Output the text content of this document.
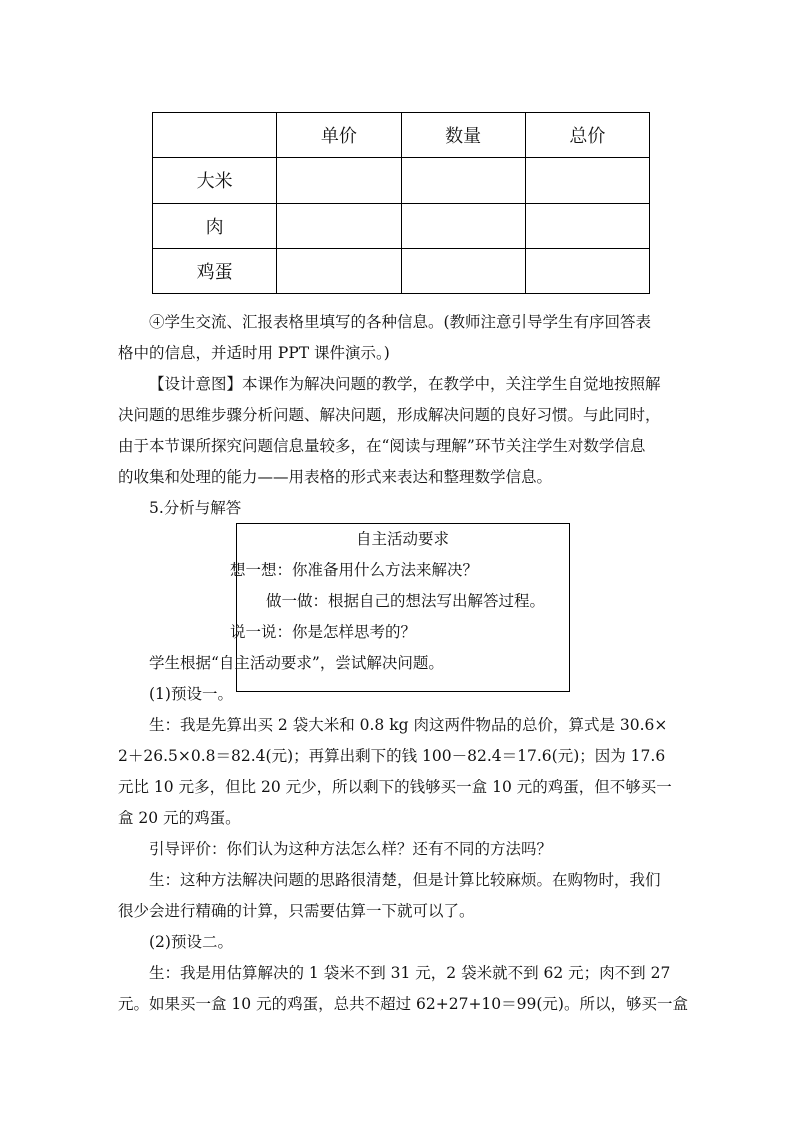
	单价	数量	总价
大米			
肉			
鸡蛋			

④学生交流、汇报表格里填写的各种信息。(教师注意引导学生有序回答表

格中的信息，并适时用 PPT 课件演示。)

【设计意图】本课作为解决问题的教学，在教学中，关注学生自觉地按照解

决问题的思维步骤分析问题、解决问题，形成解决问题的良好习惯。与此同时，

由于本节课所探究问题信息量较多，在“阅读与理解”环节关注学生对数学信息

的收集和处理的能力——用表格的形式来表达和整理数学信息。

5.分析与解答

自主活动要求
想一想：你准备用什么方法来解决？
做一做：根据自己的想法写出解答过程。
说一说：你是怎样思考的？

学生根据“自主活动要求”，尝试解决问题。

(1)预设一。

生：我是先算出买 2 袋大米和 0.8 kg 肉这两件物品的总价，算式是 30.6×

2＋26.5×0.8＝82.4(元)；再算出剩下的钱 100－82.4＝17.6(元)；因为 17.6

元比 10 元多，但比 20 元少，所以剩下的钱够买一盒 10 元的鸡蛋，但不够买一

盒 20 元的鸡蛋。

引导评价：你们认为这种方法怎么样？还有不同的方法吗？

生：这种方法解决问题的思路很清楚，但是计算比较麻烦。在购物时，我们

很少会进行精确的计算，只需要估算一下就可以了。

(2)预设二。

生：我是用估算解决的 1 袋米不到 31 元，2 袋米就不到 62 元；肉不到 27

元。如果买一盒 10 元的鸡蛋，总共不超过 62+27+10＝99(元)。所以，够买一盒
